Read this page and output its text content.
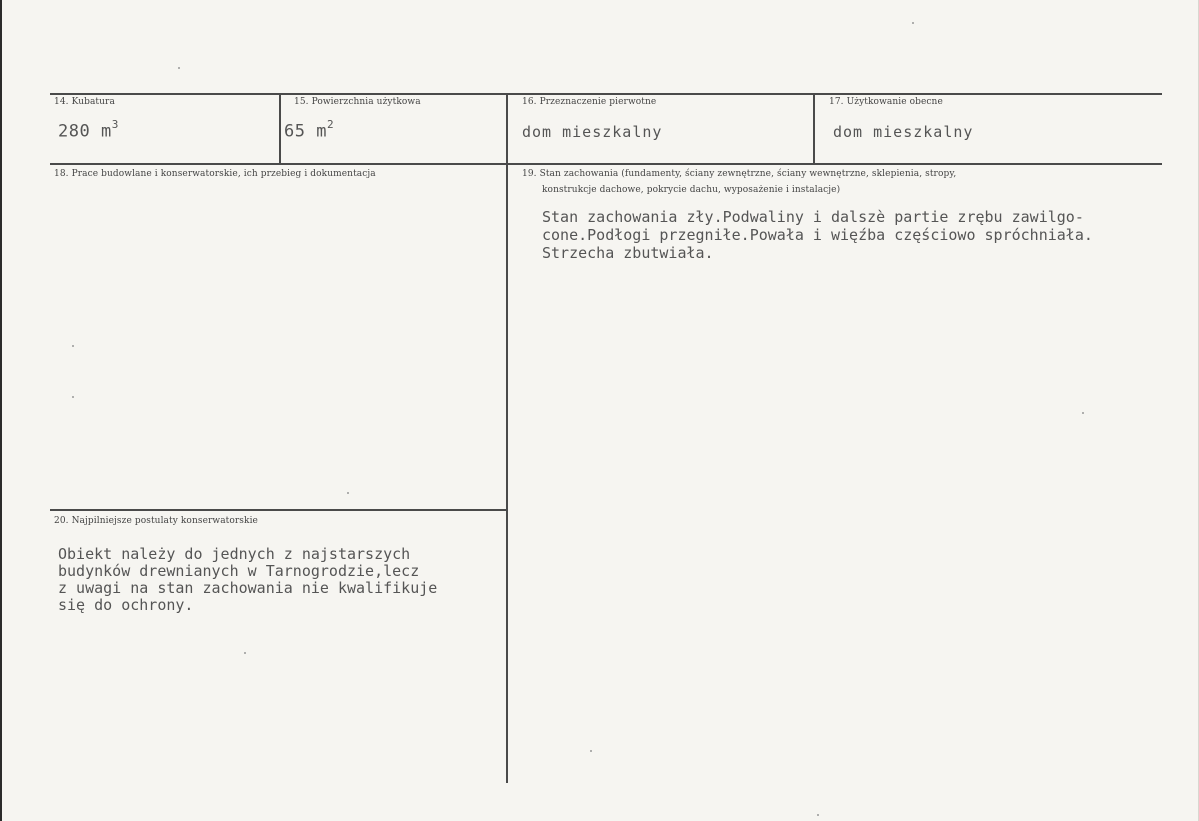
14. Kubatura
280 $m^3$
15. Powierzchnia użytkowa
65 $m^2$
16. Przeznaczenie pierwotne
dom mieszkalny
17. Użytkowanie obecne
dom mieszkalny
18. Prace budowlane i konserwatorskie, ich przebieg i dokumentacja	19. Stan zachowania (fundamenty, ściany zewnętrzne, ściany wewnętrzne, sklepienia, stropy,
konstrukcje dachowe, pokrycie dachu, wyposażenie i instalacje)
Stan zachowania zły.Podwaliny i dalszè partie zrębu zawilgo-
cone.Podłogi przegniłe.Powała i więźba częściowo spróchniała.
Strzecha zbutwiała.
20. Najpilniejsze postulaty konserwatorskie
Obiekt należy do jednych z najstarszych
budynków drewnianych w Tarnogrodzie,lecz
z uwagi na stan zachowania nie kwalifikuje
się do ochrony.
